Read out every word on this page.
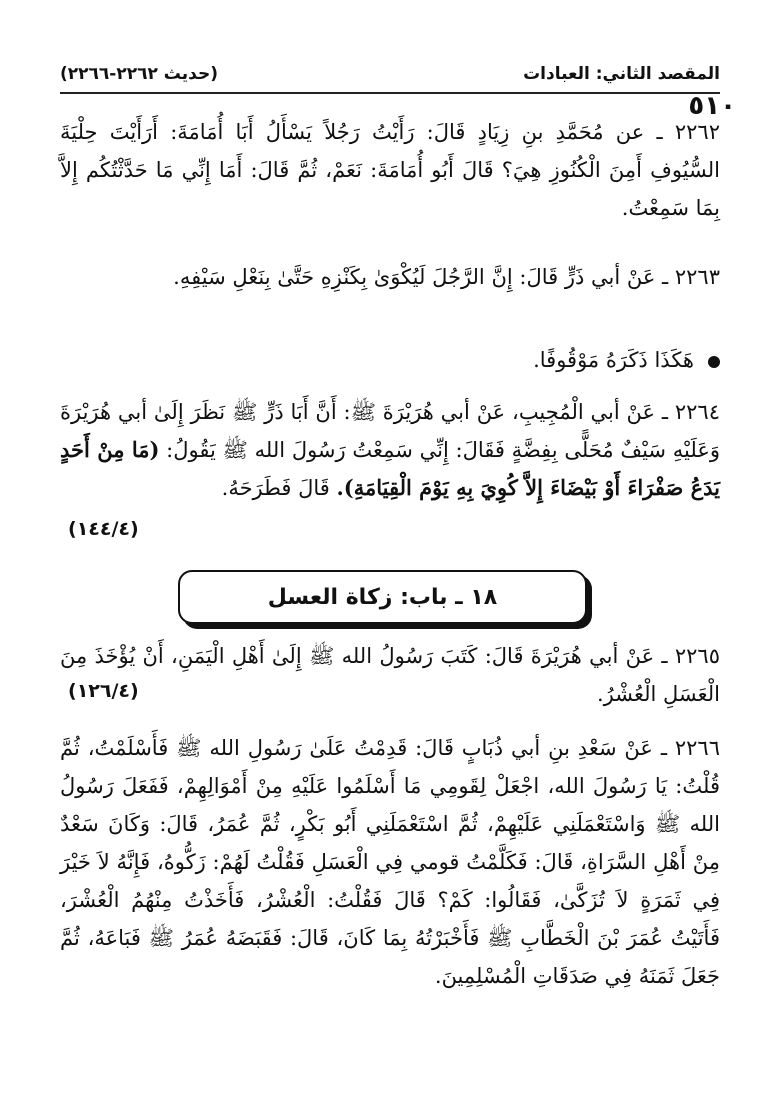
المقصد الثاني: العبادات
(حديث ٢٢٦٢-٢٢٦٦)
٥١٠

٢٢٦٢ ـ عن مُحَمَّدِ بنِ زِيَادٍ قَالَ: رَأَيْتُ رَجُلاً يَسْأَلُ أَبَا أُمَامَةَ: أَرَأَيْتَ حِلْيَةَ السُّيُوفِ أَمِنَ الْكُنُوزِ هِيَ؟ قَالَ أَبُو أُمَامَةَ: نَعَمْ، ثُمَّ قَالَ: أَمَا إِنِّي مَا حَدَّثْتُكُم إِلاَّ بِمَا سَمِعْتُ.

٢٢٦٣ ـ عَنْ أبي ذَرٍّ قَالَ: إِنَّ الرَّجُلَ لَيُكْوَىٰ بِكَنْزِهِ حَتَّىٰ بِنَعْلِ سَيْفِهِ.

هَكَذَا ذَكَرَهُ مَوْقُوفًا.

٢٢٦٤ ـ عَنْ أبي الْمُجِيبِ، عَنْ أبي هُرَيْرَةَ ﷺ: أَنَّ أَبَا ذَرٍّ ﷺ نَظَرَ إِلَىٰ أبي هُرَيْرَةَ وَعَلَيْهِ سَيْفٌ مُحَلًّى بِفِضَّةٍ فَقَالَ: إِنِّي سَمِعْتُ رَسُولَ الله ﷺ يَقُولُ: (مَا مِنْ أَحَدٍ يَدَعُ صَفْرَاءَ أَوْ بَيْضَاءَ إِلاَّ كُوِيَ بِهِ يَوْمَ الْقِيَامَةِ). قَالَ فَطَرَحَهُ.

(١٤٤/٤)
١٨ ـ باب: زكاة العسل

٢٢٦٥ ـ عَنْ أبي هُرَيْرَةَ قَالَ: كَتَبَ رَسُولُ الله ﷺ إِلَىٰ أَهْلِ الْيَمَنِ، أَنْ يُؤْخَذَ مِنَ الْعَسَلِ الْعُشْرُ.

(١٢٦/٤)

٢٢٦٦ ـ عَنْ سَعْدِ بنِ أبي ذُبَابٍ قَالَ: قَدِمْتُ عَلَىٰ رَسُولِ الله ﷺ فَأَسْلَمْتُ، ثُمَّ قُلْتُ: يَا رَسُولَ الله، اجْعَلْ لِقَومِي مَا أَسْلَمُوا عَلَيْهِ مِنْ أَمْوَالِهِمْ، فَفَعَلَ رَسُولُ الله ﷺ وَاسْتَعْمَلَنِي عَلَيْهِمْ، ثُمَّ اسْتَعْمَلَنِي أَبُو بَكْرٍ، ثُمَّ عُمَرُ، قَالَ: وَكَانَ سَعْدٌ مِنْ أَهْلِ السَّرَاةِ، قَالَ: فَكَلَّمْتُ قومي فِي الْعَسَلِ فَقُلْتُ لَهُمْ: زَكُّوهُ، فَإِنَّهُ لاَ خَيْرَ فِي ثَمَرَةٍ لاَ تُزَكَّىٰ، فَقَالُوا: كَمْ؟ قَالَ فَقُلْتُ: الْعُشْرُ، فَأَخَذْتُ مِنْهُمُ الْعُشْرَ، فَأَتَيْتُ عُمَرَ بْنَ الْخَطَّابِ ﷺ فَأَخْبَرْتُهُ بِمَا كَانَ، قَالَ: فَقَبَضَهُ عُمَرُ ﷺ فَبَاعَهُ، ثُمَّ جَعَلَ ثَمَنَهُ فِي صَدَقَاتِ الْمُسْلِمِينَ.
